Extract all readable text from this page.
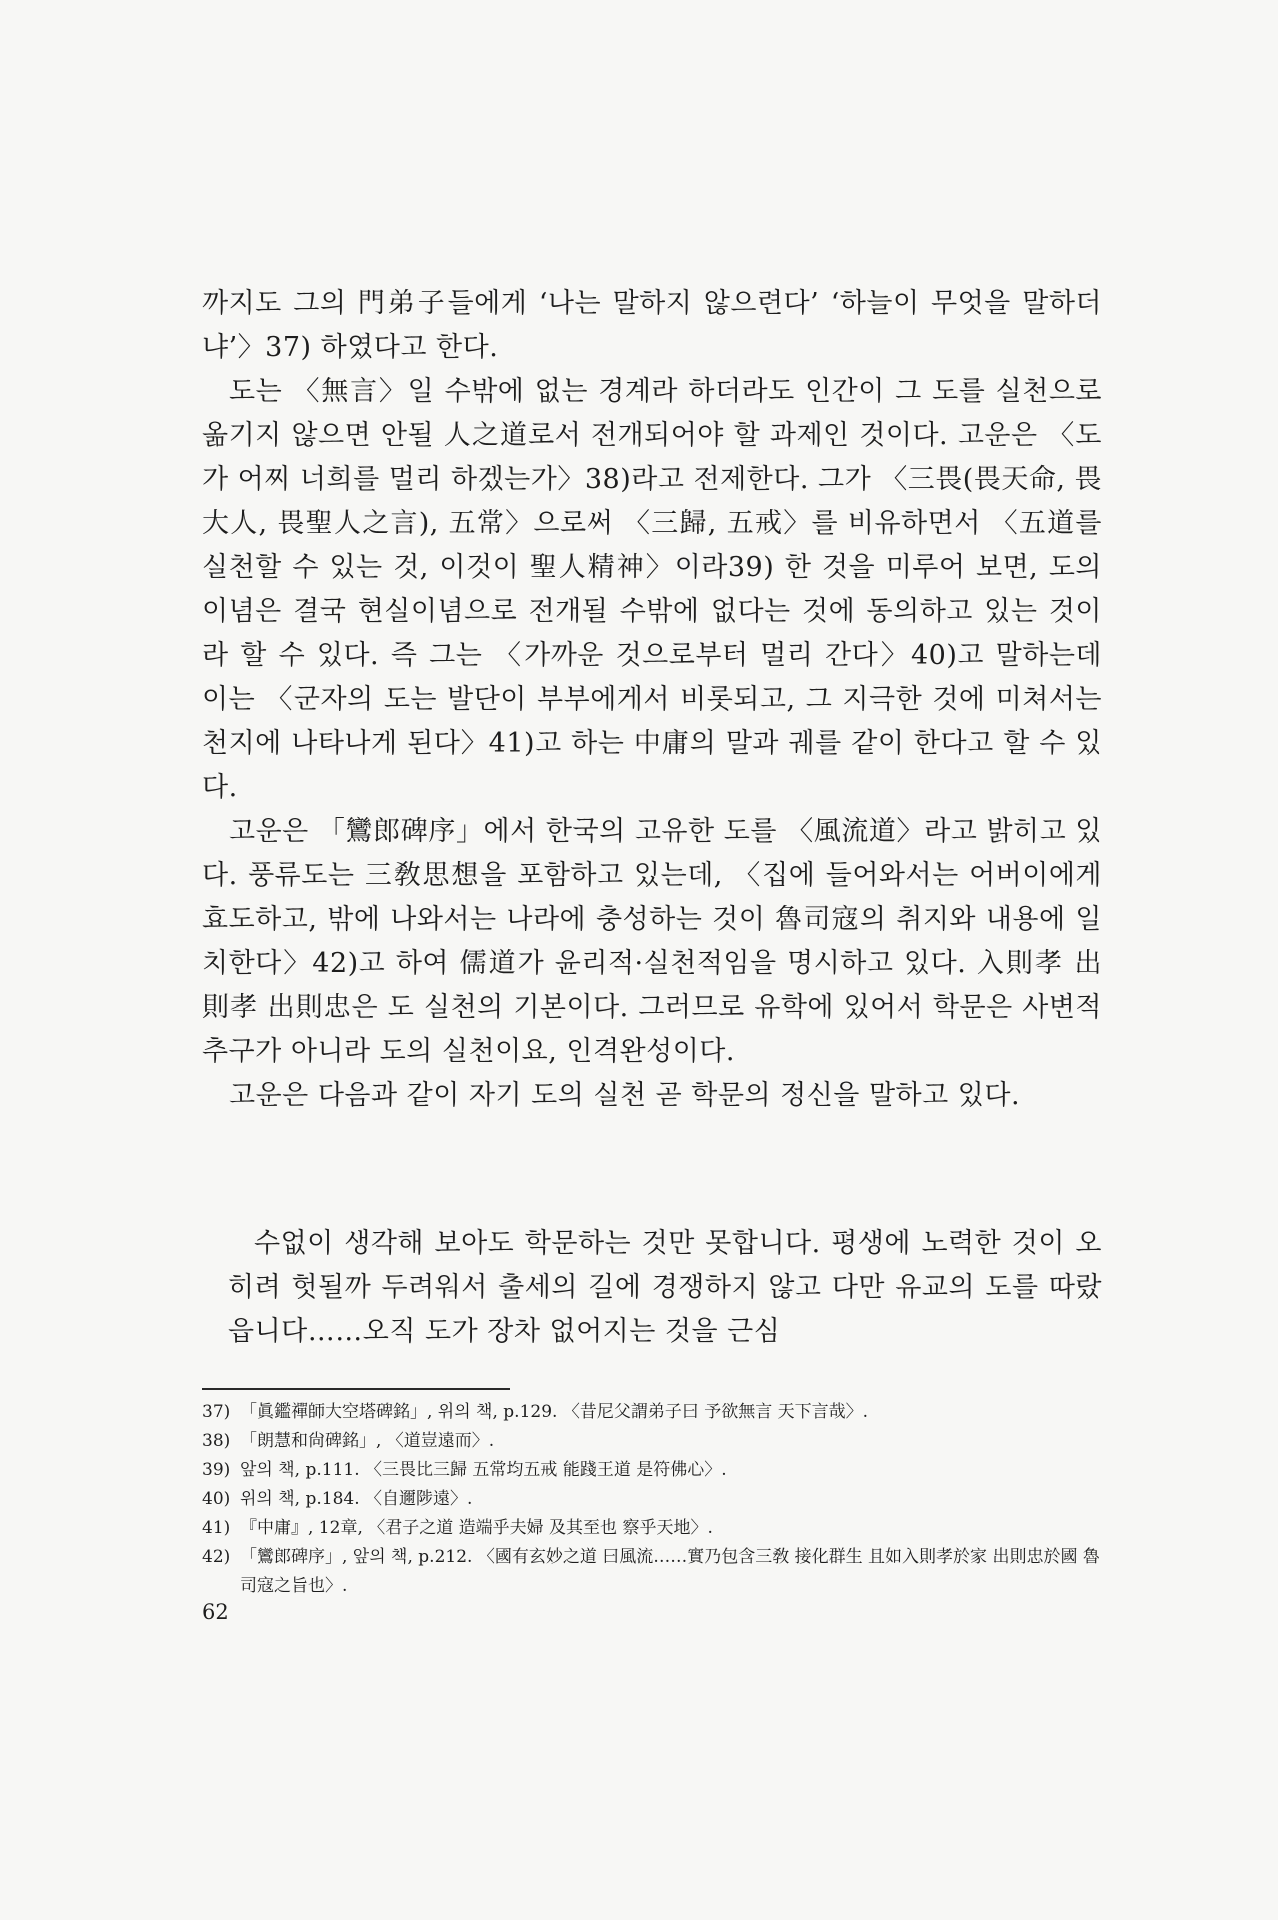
까지도 그의 門弟子들에게 ‘나는 말하지 않으련다’ ‘하늘이 무엇을 말하더냐’〉37) 하였다고 한다.

도는 〈無言〉일 수밖에 없는 경계라 하더라도 인간이 그 도를 실천으로 옮기지 않으면 안될 人之道로서 전개되어야 할 과제인 것이다. 고운은 〈도가 어찌 너희를 멀리 하겠는가〉38)라고 전제한다. 그가 〈三畏(畏天命, 畏大人, 畏聖人之言), 五常〉으로써 〈三歸, 五戒〉를 비유하면서 〈五道를 실천할 수 있는 것, 이것이 聖人精神〉이라39) 한 것을 미루어 보면, 도의 이념은 결국 현실이념으로 전개될 수밖에 없다는 것에 동의하고 있는 것이라 할 수 있다. 즉 그는 〈가까운 것으로부터 멀리 간다〉40)고 말하는데 이는 〈군자의 도는 발단이 부부에게서 비롯되고, 그 지극한 것에 미쳐서는 천지에 나타나게 된다〉41)고 하는 中庸의 말과 궤를 같이 한다고 할 수 있다.

고운은 「鸞郎碑序」에서 한국의 고유한 도를 〈風流道〉라고 밝히고 있다. 풍류도는 三敎思想을 포함하고 있는데, 〈집에 들어와서는 어버이에게 효도하고, 밖에 나와서는 나라에 충성하는 것이 魯司寇의 취지와 내용에 일치한다〉42)고 하여 儒道가 윤리적·실천적임을 명시하고 있다. 入則孝 出則孝 出則忠은 도 실천의 기본이다. 그러므로 유학에 있어서 학문은 사변적 추구가 아니라 도의 실천이요, 인격완성이다.

고운은 다음과 같이 자기 도의 실천 곧 학문의 정신을 말하고 있다.

수없이 생각해 보아도 학문하는 것만 못합니다. 평생에 노력한 것이 오히려 헛될까 두려워서 출세의 길에 경쟁하지 않고 다만 유교의 도를 따랐읍니다……오직 도가 장차 없어지는 것을 근심

37) 「眞鑑禪師大空塔碑銘」, 위의 책, p.129. 〈昔尼父謂弟子曰 予欲無言 天下言哉〉.

38) 「朗慧和尙碑銘」, 〈道豈遠而〉.

39) 앞의 책, p.111. 〈三畏比三歸 五常均五戒 能踐王道 是符佛心〉.

40) 위의 책, p.184. 〈自邇陟遠〉.

41) 『中庸』, 12章, 〈君子之道 造端乎夫婦 及其至也 察乎天地〉.

42) 「鸞郎碑序」, 앞의 책, p.212. 〈國有玄妙之道 曰風流……實乃包含三敎 接化群生 且如入則孝於家 出則忠於國 魯司寇之旨也〉.

62
